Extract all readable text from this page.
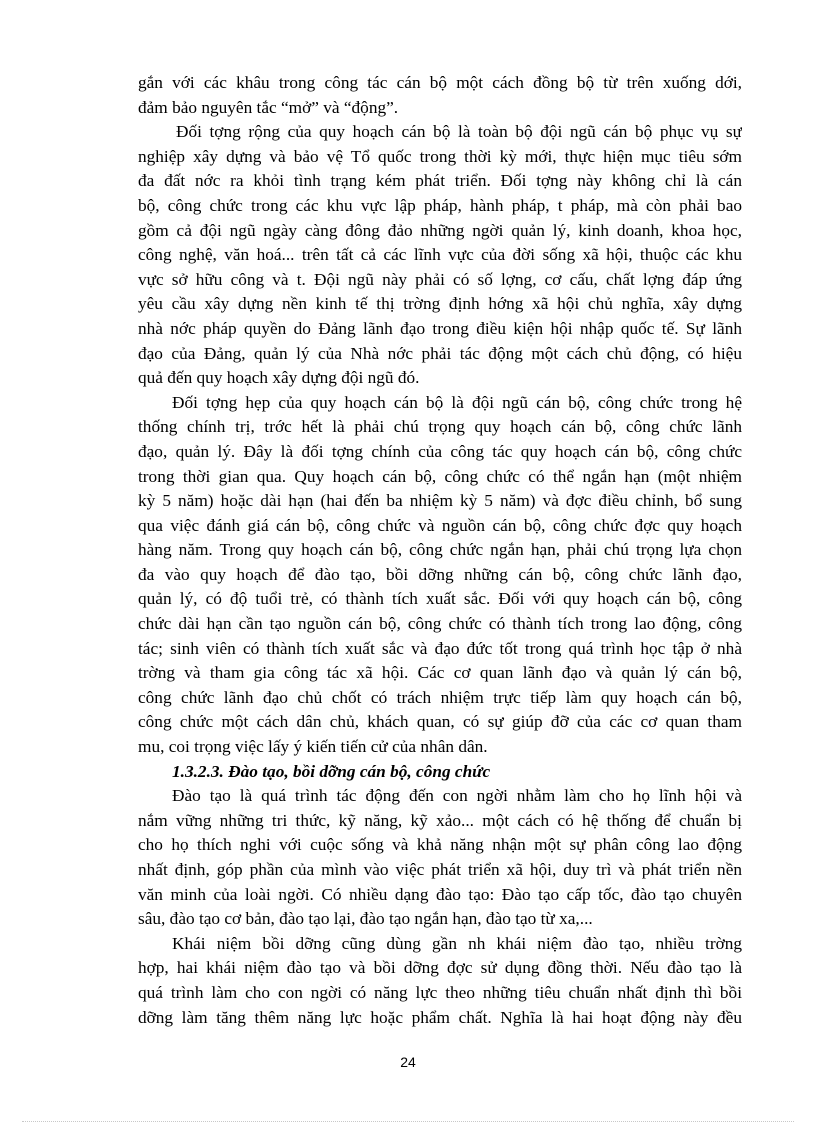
gắn với các khâu trong công tác cán bộ một cách đồng bộ từ trên xuống dới,
đảm bảo nguyên tắc “mở” và “động”.
Đối tợng rộng của quy hoạch cán bộ là toàn bộ đội ngũ cán bộ phục vụ sự
nghiệp xây dựng và bảo vệ Tổ quốc trong thời kỳ mới, thực hiện mục tiêu sớm
đa đất nớc ra khỏi tình trạng kém phát triển. Đối tợng này không chỉ là cán
bộ, công chức trong các khu vực lập pháp, hành pháp, t pháp, mà còn phải bao
gồm cả đội ngũ ngày càng đông đảo những ngời quản lý, kinh doanh, khoa học,
công nghệ, văn hoá... trên tất cả các lĩnh vực của đời sống xã hội, thuộc các khu
vực sở hữu công và t. Đội ngũ này phải có số lợng, cơ cấu, chất lợng đáp ứng
yêu cầu xây dựng nền kinh tế thị trờng định hớng xã hội chủ nghĩa, xây dựng
nhà nớc pháp quyền do Đảng lãnh đạo trong điều kiện hội nhập quốc tế. Sự lãnh
đạo của Đảng, quản lý của Nhà nớc phải tác động một cách chủ động, có hiệu
quả đến quy hoạch xây dựng đội ngũ đó.
Đối tợng hẹp của quy hoạch cán bộ là đội ngũ cán bộ, công chức trong hệ
thống chính trị, trớc hết là phải chú trọng quy hoạch cán bộ, công chức lãnh
đạo, quản lý. Đây là đối tợng chính của công tác quy hoạch cán bộ, công chức
trong thời gian qua. Quy hoạch cán bộ, công chức có thể ngắn hạn (một nhiệm
kỳ 5 năm) hoặc dài hạn (hai đến ba nhiệm kỳ 5 năm) và đợc điều chỉnh, bổ sung
qua việc đánh giá cán bộ, công chức và nguồn cán bộ, công chức đợc quy hoạch
hàng năm. Trong quy hoạch cán bộ, công chức ngắn hạn, phải chú trọng lựa chọn
đa vào quy hoạch để đào tạo, bồi dỡng những cán bộ, công chức lãnh đạo,
quản lý, có độ tuổi trẻ, có thành tích xuất sắc. Đối với quy hoạch cán bộ, công
chức dài hạn cần tạo nguồn cán bộ, công chức có thành tích trong lao động, công
tác; sinh viên có thành tích xuất sắc và đạo đức tốt trong quá trình học tập ở nhà
trờng và tham gia công tác xã hội. Các cơ quan lãnh đạo và quản lý cán bộ,
công chức lãnh đạo chủ chốt có trách nhiệm trực tiếp làm quy hoạch cán bộ,
công chức một cách dân chủ, khách quan, có sự giúp đỡ của các cơ quan tham
mu, coi trọng việc lấy ý kiến tiến cử của nhân dân.
1.3.2.3. Đào tạo, bồi dỡng cán bộ, công chức
Đào tạo là quá trình tác động đến con ngời nhằm làm cho họ lĩnh hội và
nắm vững những tri thức, kỹ năng, kỹ xảo... một cách có hệ thống để chuẩn bị
cho họ thích nghi với cuộc sống và khả năng nhận một sự phân công lao động
nhất định, góp phần của mình vào việc phát triển xã hội, duy trì và phát triển nền
văn minh của loài ngời. Có nhiều dạng đào tạo: Đào tạo cấp tốc, đào tạo chuyên
sâu, đào tạo cơ bản, đào tạo lại, đào tạo ngắn hạn, đào tạo từ xa,...
Khái niệm bồi dỡng cũng dùng gần nh khái niệm đào tạo, nhiều trờng
hợp, hai khái niệm đào tạo và bồi dỡng đợc sử dụng đồng thời. Nếu đào tạo là
quá trình làm cho con ngời có năng lực theo những tiêu chuẩn nhất định thì bồi
dỡng làm tăng thêm năng lực hoặc phẩm chất. Nghĩa là hai hoạt động này đều
24
